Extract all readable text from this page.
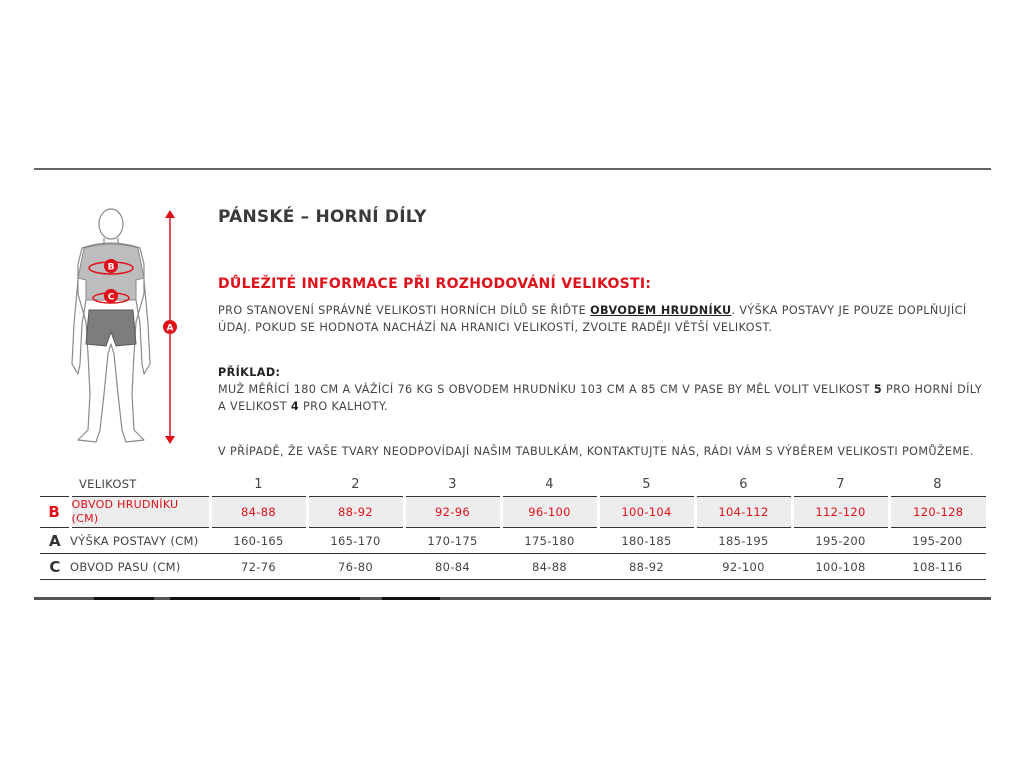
B
C
A
PÁNSKÉ – HORNÍ DÍLY
DŮLEŽITÉ INFORMACE PŘI ROZHODOVÁNÍ VELIKOSTI:

PRO STANOVENÍ SPRÁVNÉ VELIKOSTI HORNÍCH DÍLŮ SE ŘIĎTE OBVODEM HRUDNÍKU. VÝŠKA POSTAVY JE POUZE DOPLŇUJÍCÍ ÚDAJ. POKUD SE HODNOTA NACHÁZÍ NA HRANICI VELIKOSTÍ, ZVOLTE RADĚJI VĚTŠÍ VELIKOST.

PŘÍKLAD:
MUŽ MĚŘÍCÍ 180 CM A VÁŽÍCÍ 76 KG S OBVODEM HRUDNÍKU 103 CM A 85 CM V PASE BY MĚL VOLIT VELIKOST 5 PRO HORNÍ DÍLY A VELIKOST 4 PRO KALHOTY.

V PŘÍPADĚ, ŽE VAŠE TVARY NEODPOVÍDAJÍ NAŠIM TABULKÁM, KONTAKTUJTE NÁS, RÁDI VÁM S VÝBĚREM VELIKOSTI POMŮŽEME.

VELIKOST		1	2	3	4	5	6	7	8
B	OBVOD HRUDNÍKU (CM)	84-88	88-92	92-96	96-100	100-104	104-112	112-120	120-128
A	VÝŠKA POSTAVY (CM)	160-165	165-170	170-175	175-180	180-185	185-195	195-200	195-200
C	OBVOD PASU (CM)	72-76	76-80	80-84	84-88	88-92	92-100	100-108	108-116
